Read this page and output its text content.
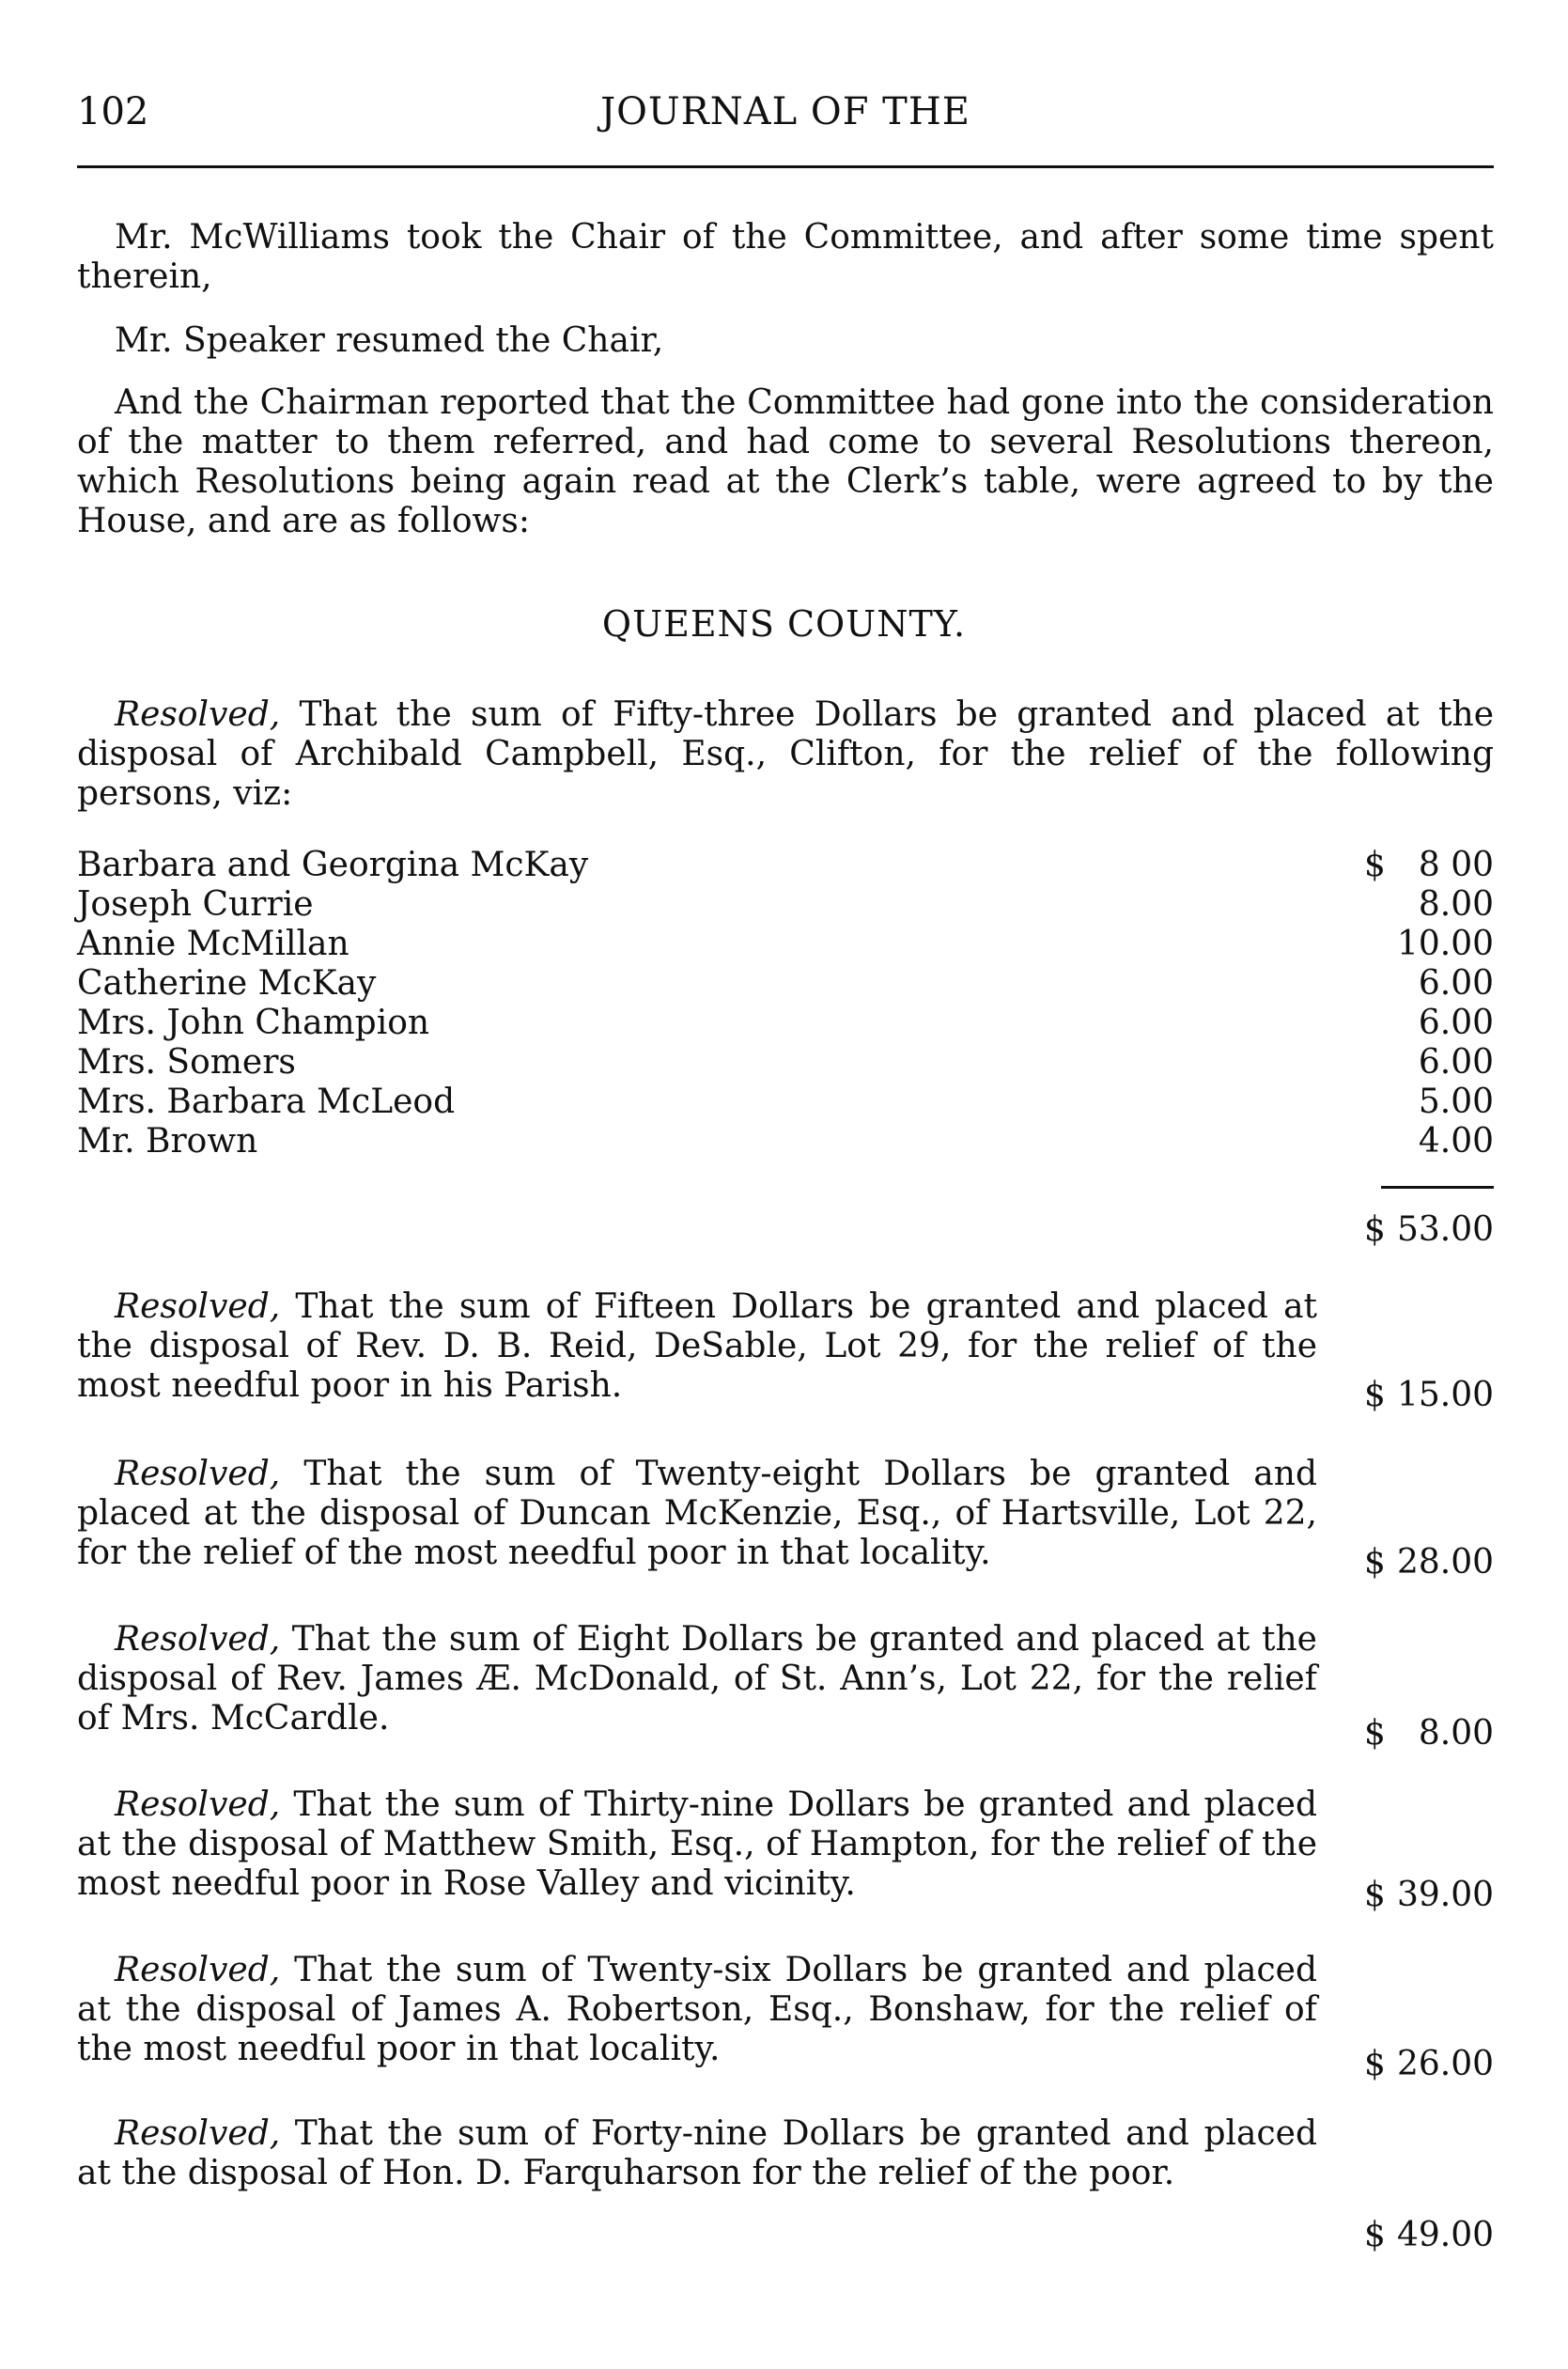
102	JOURNAL OF THE

Mr. McWilliams took the Chair of the Committee, and after some time spent therein,

Mr. Speaker resumed the Chair,

And the Chairman reported that the Committee had gone into the consideration of the matter to them referred, and had come to several Resolutions thereon, which Resolutions being again read at the Clerk’s table, were agreed to by the House, and are as follows:

QUEENS COUNTY.

Resolved, That the sum of Fifty-three Dollars be granted and placed at the disposal of Archibald Campbell, Esq., Clifton, for the relief of the following persons, viz:

Barbara and Georgina McKay	$ 8 00
Joseph Currie	8.00
Annie McMillan	10.00
Catherine McKay	6.00
Mrs. John Champion	6.00
Mrs. Somers	6.00
Mrs. Barbara McLeod	5.00
Mr. Brown	4.00
$ 53.00

Resolved, That the sum of Fifteen Dollars be granted and placed at the disposal of Rev. D. B. Reid, DeSable, Lot 29, for the relief of the most needful poor in his Parish.	$ 15.00

Resolved, That the sum of Twenty-eight Dollars be granted and placed at the disposal of Duncan McKenzie, Esq., of Hartsville, Lot 22, for the relief of the most needful poor in that locality.	$ 28.00

Resolved, That the sum of Eight Dollars be granted and placed at the disposal of Rev. James Æ. McDonald, of St. Ann’s, Lot 22, for the relief of Mrs. McCardle.	$ 8.00

Resolved, That the sum of Thirty-nine Dollars be granted and placed at the disposal of Matthew Smith, Esq., of Hampton, for the relief of the most needful poor in Rose Valley and vicinity.	$ 39.00

Resolved, That the sum of Twenty-six Dollars be granted and placed at the disposal of James A. Robertson, Esq., Bonshaw, for the relief of the most needful poor in that locality.	$ 26.00

Resolved, That the sum of Forty-nine Dollars be granted and placed at the disposal of Hon. D. Farquharson for the relief of the poor.

$ 49.00
